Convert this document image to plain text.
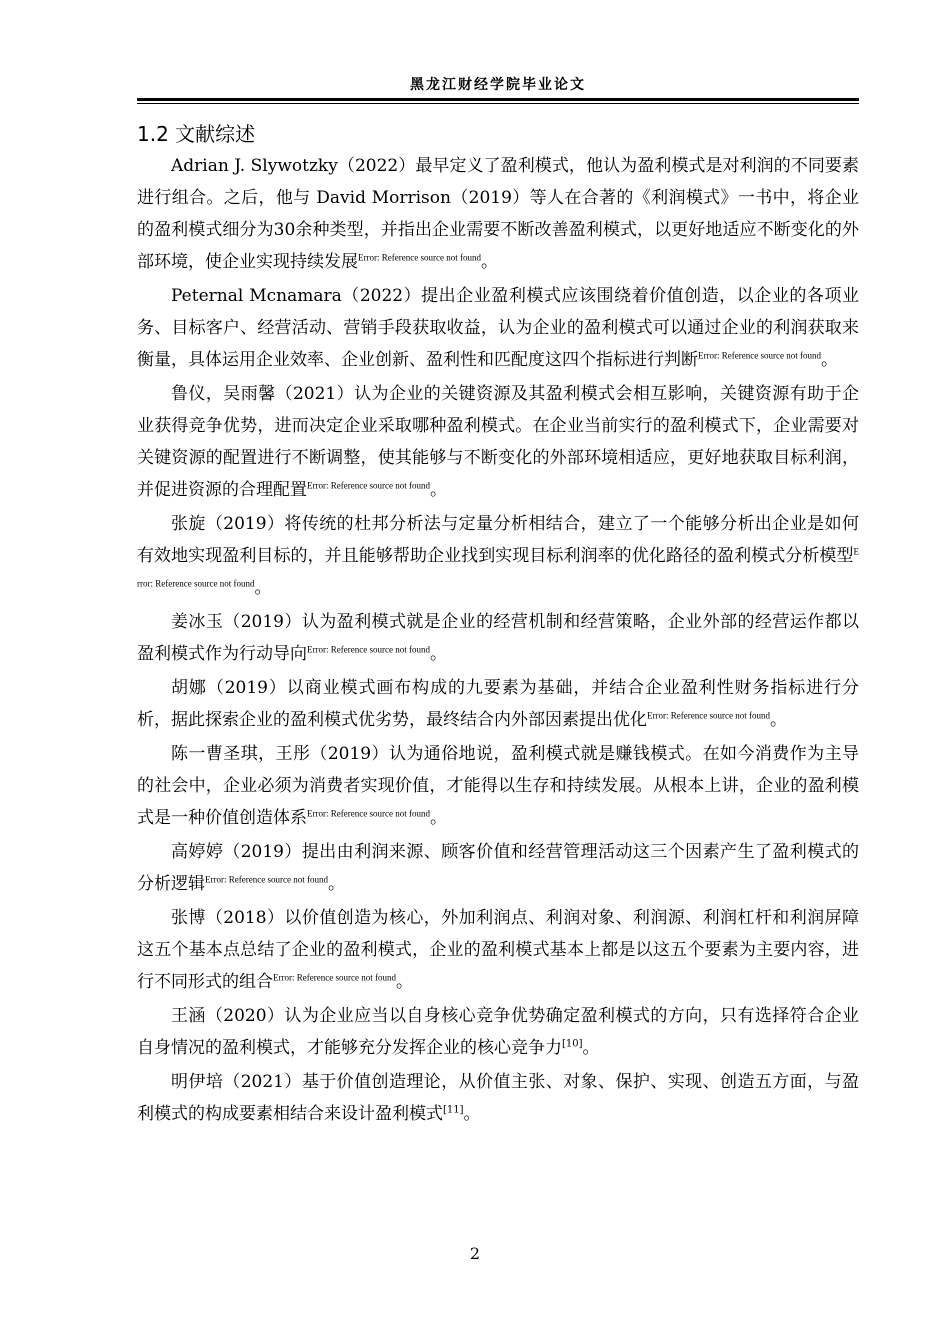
黑龙江财经学院毕业论文
1.2 文献综述

Adrian J. Slywotzky（2022）最早定义了盈利模式，他认为盈利模式是对利润的不同要素进行组合。之后，他与 David Morrison（2019）等人在合著的《利润模式》一书中，将企业的盈利模式细分为30余种类型，并指出企业需要不断改善盈利模式，以更好地适应不断变化的外部环境，使企业实现持续发展$^{Error: Reference source not found}$。

Peternal Mcnamara（2022）提出企业盈利模式应该围绕着价值创造，以企业的各项业务、目标客户、经营活动、营销手段获取收益，认为企业的盈利模式可以通过企业的利润获取来衡量，具体运用企业效率、企业创新、盈利性和匹配度这四个指标进行判断$^{Error: Reference source not found}$。

鲁仪，吴雨馨（2021）认为企业的关键资源及其盈利模式会相互影响，关键资源有助于企业获得竞争优势，进而决定企业采取哪种盈利模式。在企业当前实行的盈利模式下，企业需要对关键资源的配置进行不断调整，使其能够与不断变化的外部环境相适应，更好地获取目标利润，并促进资源的合理配置$^{Error: Reference source not found}$。

张旋（2019）将传统的杜邦分析法与定量分析相结合，建立了一个能够分析出企业是如何有效地实现盈利目标的，并且能够帮助企业找到实现目标利润率的优化路径的盈利模式分析模型$^{Error: Reference source not found}$。

姜冰玉（2019）认为盈利模式就是企业的经营机制和经营策略，企业外部的经营运作都以盈利模式作为行动导向$^{Error: Reference source not found}$。

胡娜（2019）以商业模式画布构成的九要素为基础，并结合企业盈利性财务指标进行分析，据此探索企业的盈利模式优劣势，最终结合内外部因素提出优化$^{Error: Reference source not found}$。

陈一曹圣琪，王彤（2019）认为通俗地说，盈利模式就是赚钱模式。在如今消费作为主导的社会中，企业必须为消费者实现价值，才能得以生存和持续发展。从根本上讲，企业的盈利模式是一种价值创造体系$^{Error: Reference source not found}$。

高婷婷（2019）提出由利润来源、顾客价值和经营管理活动这三个因素产生了盈利模式的分析逻辑$^{Error: Reference source not found}$。

张博（2018）以价值创造为核心，外加利润点、利润对象、利润源、利润杠杆和利润屏障这五个基本点总结了企业的盈利模式，企业的盈利模式基本上都是以这五个要素为主要内容，进行不同形式的组合$^{Error: Reference source not found}$。

王涵（2020）认为企业应当以自身核心竞争优势确定盈利模式的方向，只有选择符合企业自身情况的盈利模式，才能够充分发挥企业的核心竞争力[10]。

明伊培（2021）基于价值创造理论，从价值主张、对象、保护、实现、创造五方面，与盈利模式的构成要素相结合来设计盈利模式[11]。

2
